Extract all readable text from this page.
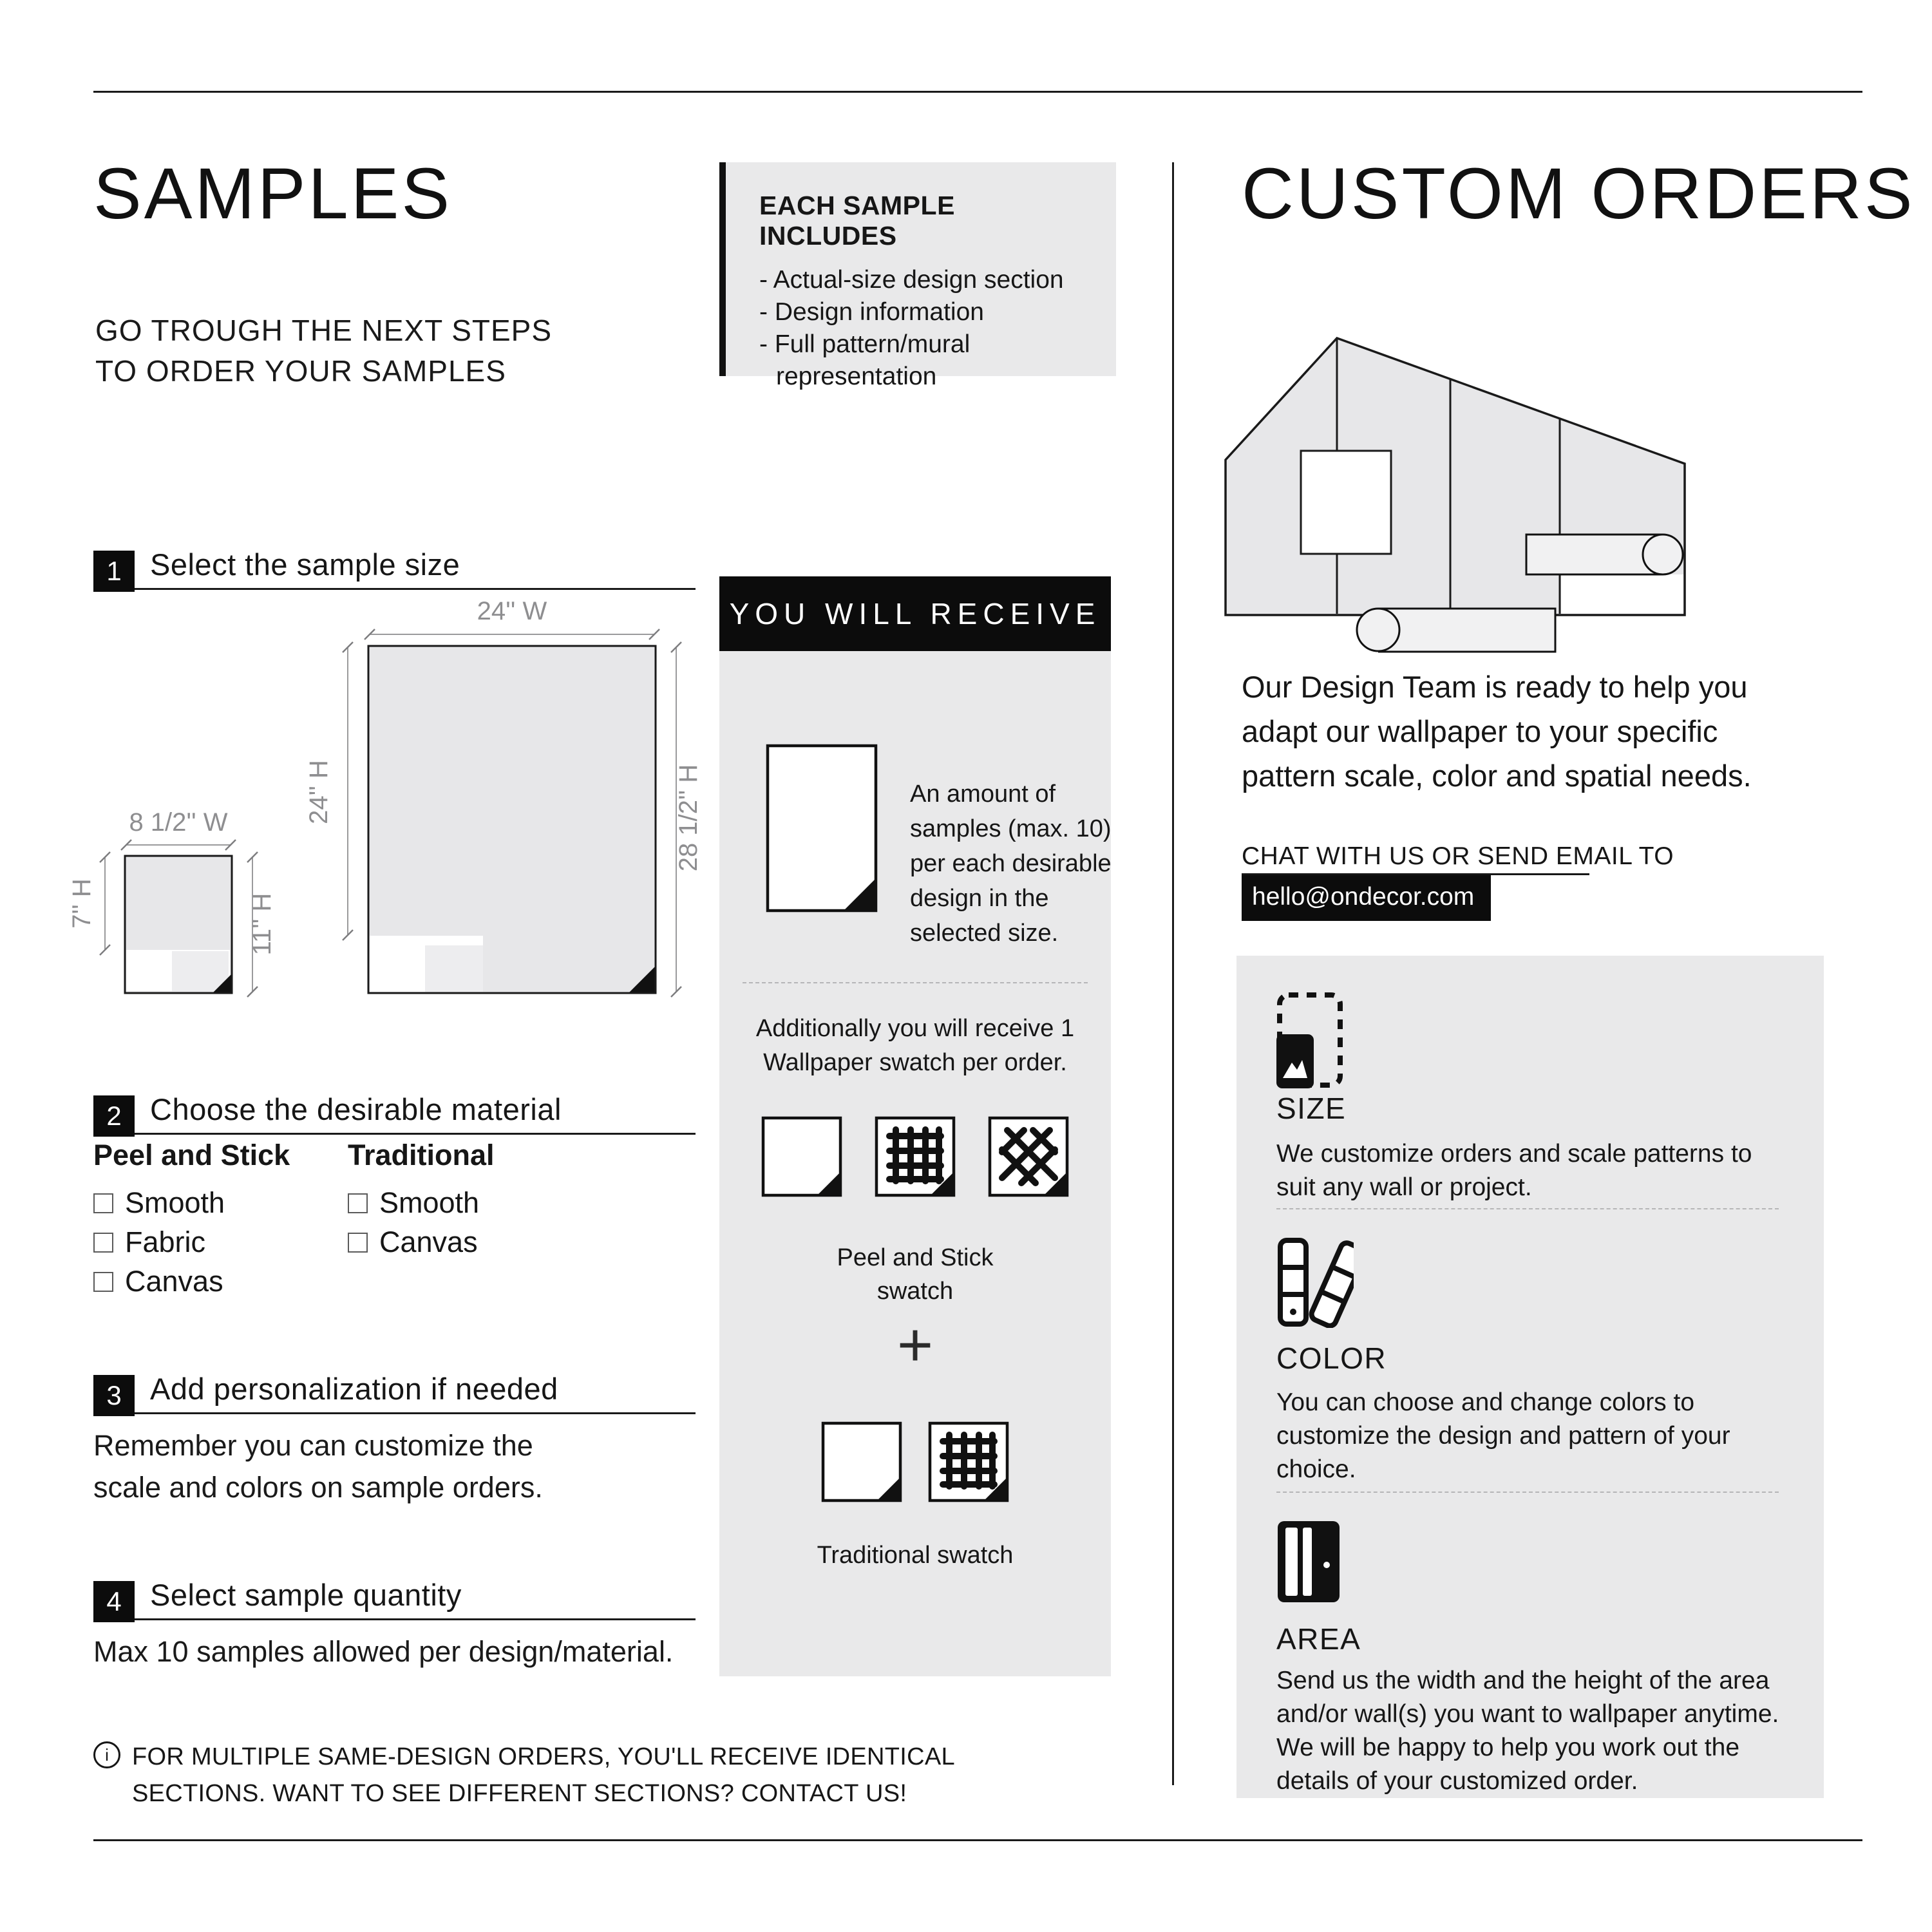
SAMPLES
GO TROUGH THE NEXT STEPS
TO ORDER YOUR SAMPLES
1 Select the sample size
8 1/2'' W
7'' H	11'' H
24'' W
24'' H	28 1/2'' H
2 Choose the desirable material
Peel and Stick
Smooth
Fabric
Canvas
Traditional
Smooth
Canvas
3 Add personalization if needed
Remember you can customize the scale and colors on sample orders.
4 Select sample quantity
Max 10 samples allowed per design/material.
i
FOR MULTIPLE SAME-DESIGN ORDERS, YOU'LL RECEIVE IDENTICAL
SECTIONS. WANT TO SEE DIFFERENT SECTIONS? CONTACT US!
EACH SAMPLE INCLUDES
- Actual-size design section
- Design information
- Full pattern/mural representation
YOU WILL RECEIVE
An amount of samples (max. 10) per each desirable design in the selected size.
Additionally you will receive 1 Wallpaper swatch per order.
Peel and Stick swatch
+
Traditional swatch
CUSTOM ORDERS
Our Design Team is ready to help you adapt our wallpaper to your specific pattern scale, color and spatial needs.
CHAT WITH US OR SEND EMAIL TO
hello@ondecor.com
SIZE

We customize orders and scale patterns to suit any wall or project.

COLOR

You can choose and change colors to customize the design and pattern of your choice.

AREA

Send us the width and the height of the area and/or wall(s) you want to wallpaper anytime. We will be happy to help you work out the details of your customized order.
